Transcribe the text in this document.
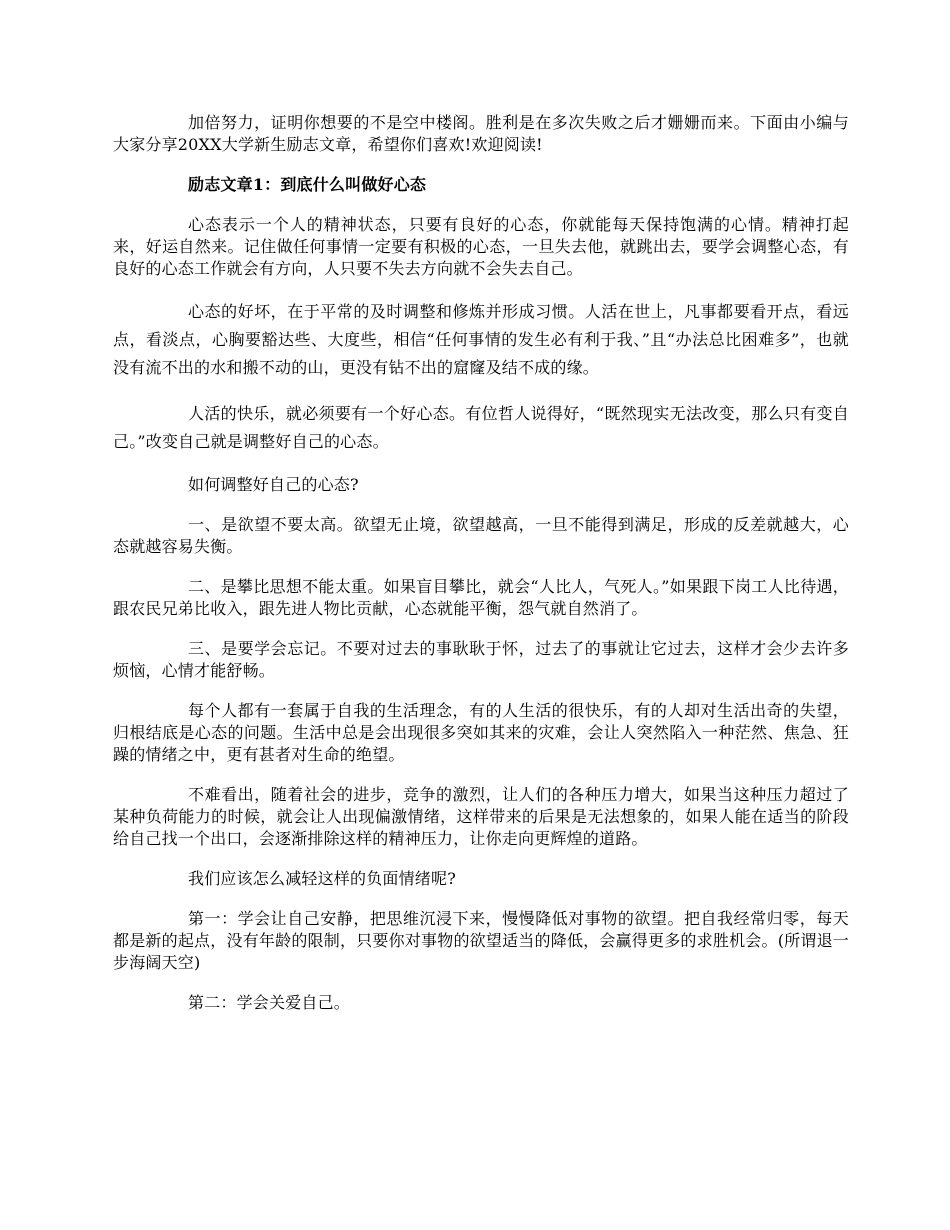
加倍努力，证明你想要的不是空中楼阁。胜利是在多次失败之后才姗姗而来。下面由小编与大家分享20XX大学新生励志文章，希望你们喜欢!欢迎阅读!

励志文章1：到底什么叫做好心态

心态表示一个人的精神状态，只要有良好的心态，你就能每天保持饱满的心情。精神打起来，好运自然来。记住做任何事情一定要有积极的心态，一旦失去他，就跳出去，要学会调整心态，有良好的心态工作就会有方向，人只要不失去方向就不会失去自己。

心态的好坏，在于平常的及时调整和修炼并形成习惯。人活在世上，凡事都要看开点，看远点，看淡点，心胸要豁达些、大度些，相信“任何事情的发生必有利于我、”且“办法总比困难多”，也就没有流不出的水和搬不动的山，更没有钻不出的窟窿及结不成的缘。

人活的快乐，就必须要有一个好心态。有位哲人说得好，“既然现实无法改变，那么只有变自己。”改变自己就是调整好自己的心态。

如何调整好自己的心态?

一、是欲望不要太高。欲望无止境，欲望越高，一旦不能得到满足，形成的反差就越大，心态就越容易失衡。

二、是攀比思想不能太重。如果盲目攀比，就会“人比人，气死人。”如果跟下岗工人比待遇，跟农民兄弟比收入，跟先进人物比贡献，心态就能平衡，怨气就自然消了。

三、是要学会忘记。不要对过去的事耿耿于怀，过去了的事就让它过去，这样才会少去许多烦恼，心情才能舒畅。

每个人都有一套属于自我的生活理念，有的人生活的很快乐，有的人却对生活出奇的失望，归根结底是心态的问题。生活中总是会出现很多突如其来的灾难，会让人突然陷入一种茫然、焦急、狂躁的情绪之中，更有甚者对生命的绝望。

不难看出，随着社会的进步，竞争的激烈，让人们的各种压力增大，如果当这种压力超过了某种负荷能力的时候，就会让人出现偏激情绪，这样带来的后果是无法想象的，如果人能在适当的阶段给自己找一个出口，会逐渐排除这样的精神压力，让你走向更辉煌的道路。

我们应该怎么减轻这样的负面情绪呢?

第一：学会让自己安静，把思维沉浸下来，慢慢降低对事物的欲望。把自我经常归零，每天都是新的起点，没有年龄的限制，只要你对事物的欲望适当的降低，会赢得更多的求胜机会。(所谓退一步海阔天空)

第二：学会关爱自己。
